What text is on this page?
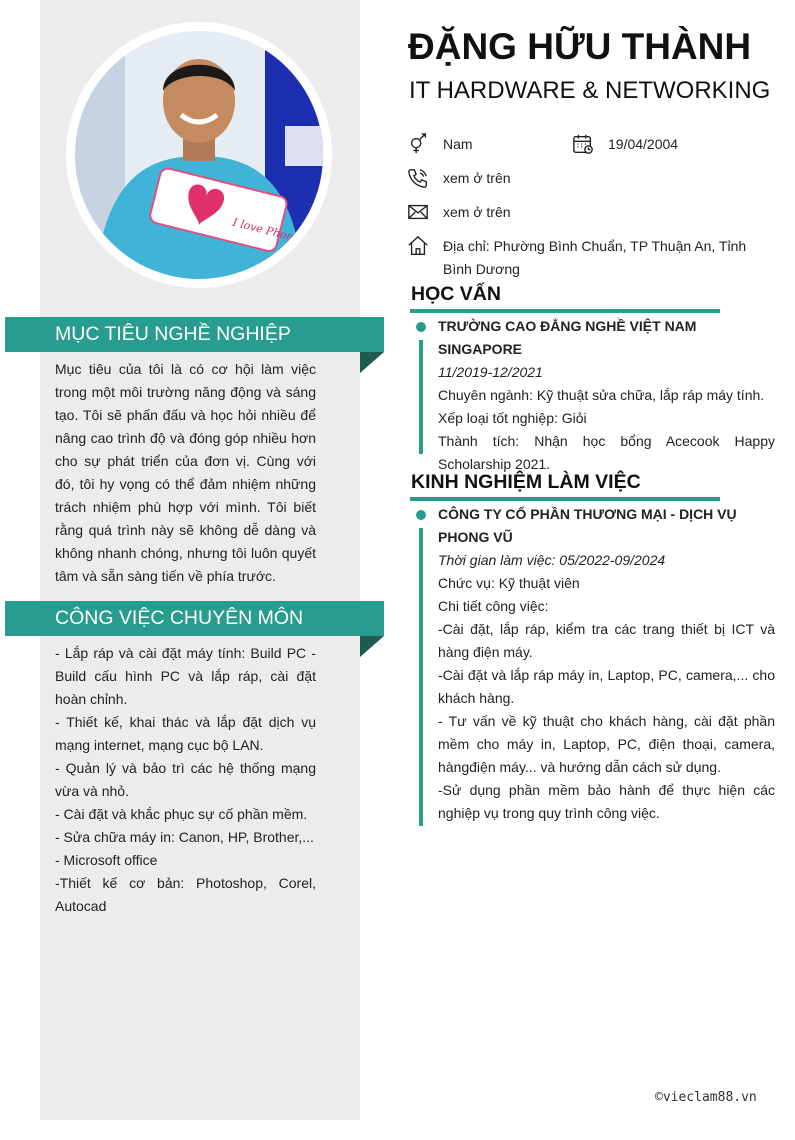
I love Phongvu
MỤC TIÊU NGHỀ NGHIỆP

Mục tiêu của tôi là có cơ hội làm việc trong một môi trường năng động và sáng tạo. Tôi sẽ phấn đấu và học hỏi nhiều để nâng cao trình độ và đóng góp nhiều hơn cho sự phát triển của đơn vị. Cùng với đó, tôi hy vọng có thể đảm nhiệm những trách nhiệm phù hợp với mình. Tôi biết rằng quá trình này sẽ không dễ dàng và không nhanh chóng, nhưng tôi luôn quyết tâm và sẵn sàng tiến về phía trước.

CÔNG VIỆC CHUYÊN MÔN

- Lắp ráp và cài đặt máy tính: Build PC - Build cấu hình PC và lắp ráp, cài đặt hoàn chỉnh.

- Thiết kế, khai thác và lắp đặt dịch vụ mạng internet, mạng cục bộ LAN.

- Quản lý và bảo trì các hệ thống mạng vừa và nhỏ.

- Cài đặt và khắc phục sự cố phần mềm.

- Sửa chữa máy in: Canon, HP, Brother,...

- Microsoft office

-Thiết kế cơ bản: Photoshop, Corel, Autocad

ĐẶNG HỮU THÀNH
IT HARDWARE & NETWORKING
Nam	19/04/2004
xem ở trên
xem ở trên
Địa chỉ: Phường Bình Chuẩn, TP Thuận An, Tỉnh Bình Dương
HỌC VẤN

TRƯỜNG CAO ĐẲNG NGHỀ VIỆT NAM SINGAPORE

11/2019-12/2021

Chuyên ngành: Kỹ thuật sửa chữa, lắp ráp máy tính.

Xếp loại tốt nghiệp: Giỏi

Thành tích: Nhận học bổng Acecook Happy Scholarship 2021.

KINH NGHIỆM LÀM VIỆC

CÔNG TY CỔ PHẦN THƯƠNG MẠI - DỊCH VỤ PHONG VŨ

Thời gian làm việc: 05/2022-09/2024

Chức vụ: Kỹ thuật viên

Chi tiết công việc:

-Cài đặt, lắp ráp, kiểm tra các trang thiết bị ICT và hàng điện máy.

-Cài đặt và lắp ráp máy in, Laptop, PC, camera,... cho khách hàng.

- Tư vấn về kỹ thuật cho khách hàng, cài đặt phần mềm cho máy in, Laptop, PC, điện thoại, camera, hàngđiện máy... và hướng dẫn cách sử dụng.

-Sử dụng phần mềm bảo hành để thực hiện các nghiệp vụ trong quy trình công việc.

©vieclam88.vn
